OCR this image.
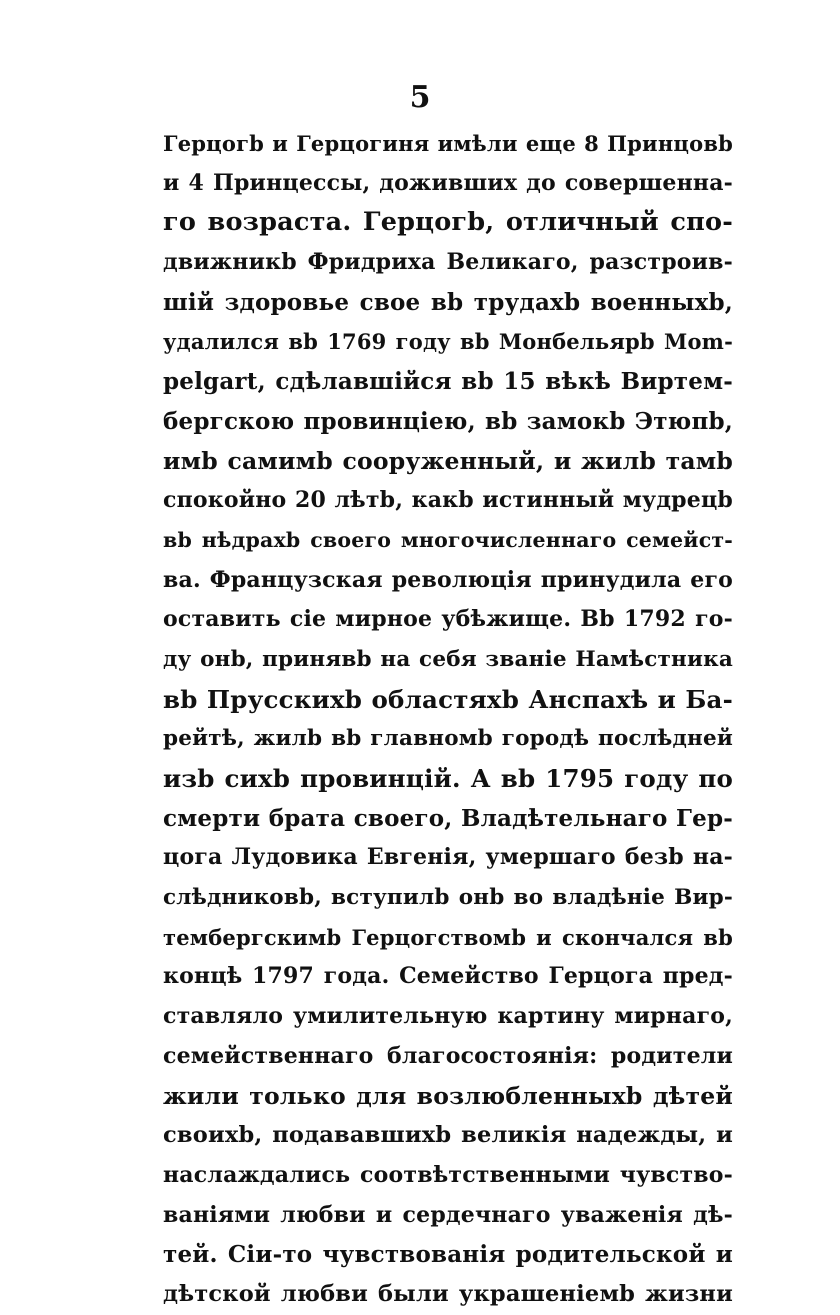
5
Герцогb и Герцогиня имѣли еще 8 Принцовb
и 4 Принцессы, доживших до совершенна-
го возраста. Герцогb, отличный спо-
движникb Фридриха Великаго, разстроив-
шій здоровье свое вb трудахb военныхb,
удалился вb 1769 году вb Монбельярb Mom-
pelgart, сдѣлавшійся вb 15 вѣкѣ Виртем-
бергскою провинціею, вb замокb Этюпb,
имb самимb сооруженный, и жилb тамb
спокойно 20 лѣтb, какb истинный мудрецb
вb нѣдрахb своего многочисленнаго семейст-
ва. Французская революція принудила его
оставить сіе мирное убѣжище. Вb 1792 го-
ду онb, принявb на себя званіе Намѣстника
вb Прусскихb областяхb Анспахѣ и Ба-
рейтѣ, жилb вb главномb городѣ послѣдней
изb сихb провинцій. А вb 1795 году по
смерти брата своего, Владѣтельнаго Гер-
цога Лудовика Евгенія, умершаго безb на-
слѣдниковb, вступилb онb во владѣніе Вир-
тембергскимb Герцогствомb и скончался вb
концѣ 1797 года. Семейство Герцога пред-
ставляло умилительную картину мирнаго,
семейственнаго благосостоянія: родители
жили только для возлюбленныхb дѣтей
своихb, подававшихb великія надежды, и
наслаждались соотвѣтственными чувство-
ваніями любви и сердечнаго уваженія дѣ-
тей. Сіи-то чувствованія родительской и
дѣтской любви были украшеніемb жизни
